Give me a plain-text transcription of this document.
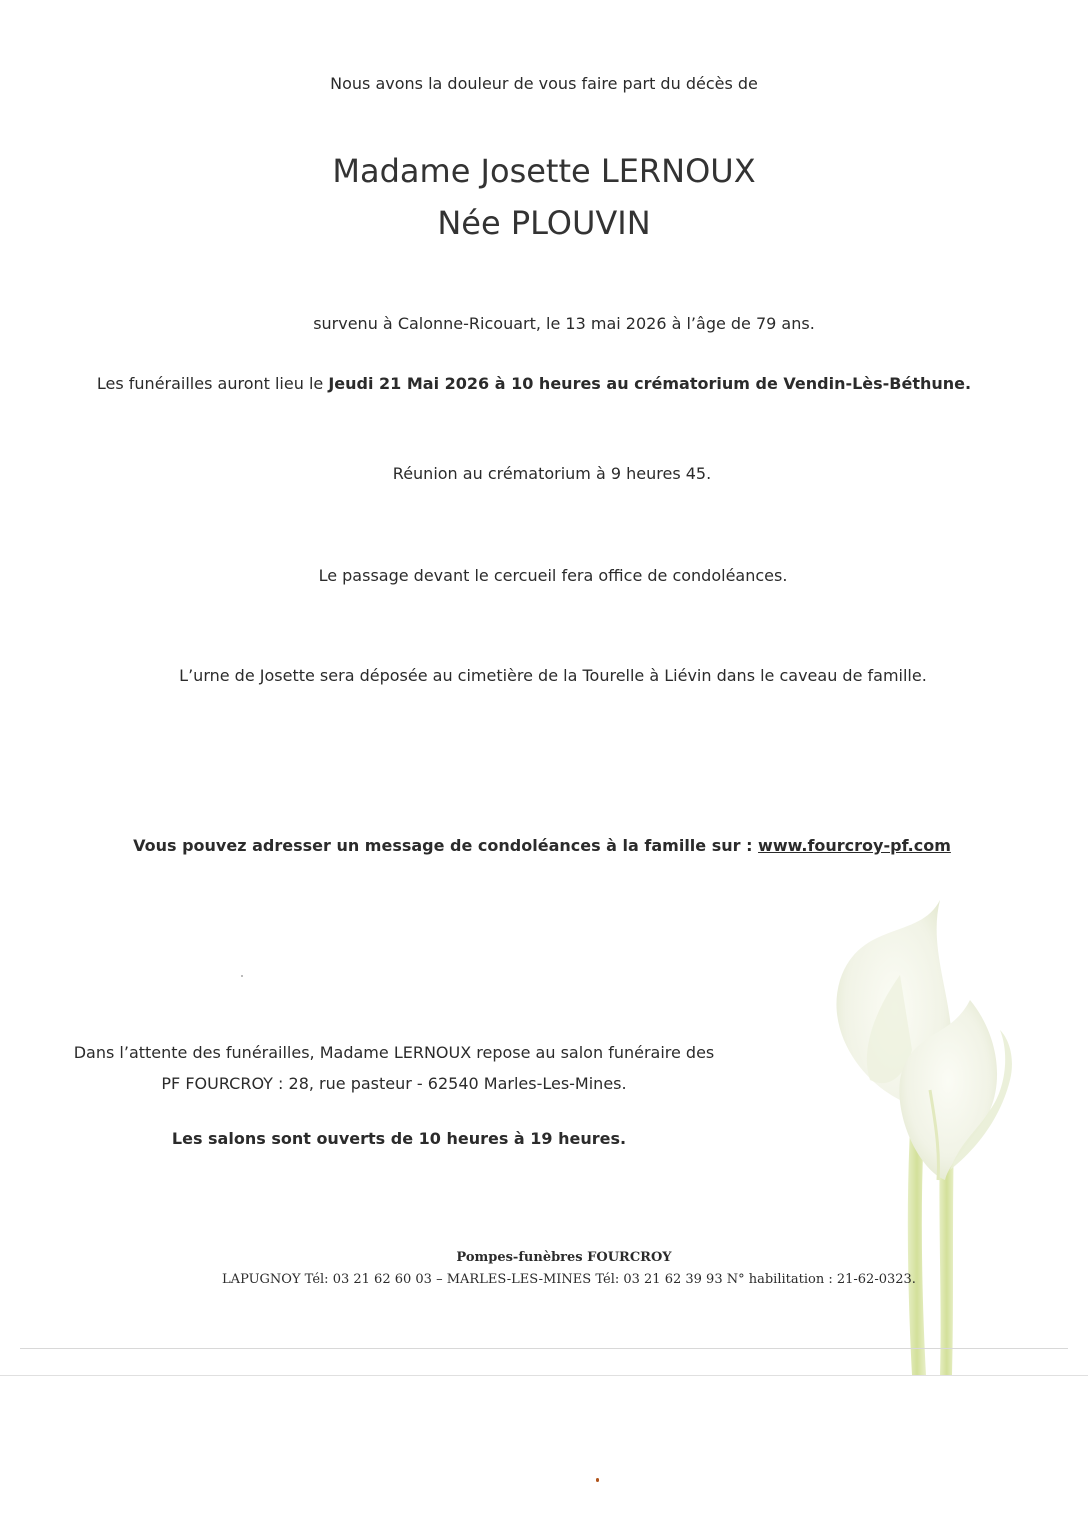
Nous avons la douleur de vous faire part du décès de
Madame Josette LERNOUX
Née PLOUVIN
survenu à Calonne-Ricouart, le 13 mai 2026 à l’âge de 79 ans.
Les funérailles auront lieu le Jeudi 21 Mai 2026 à 10 heures au crématorium de Vendin-Lès-Béthune.
Réunion au crématorium à 9 heures 45.
Le passage devant le cercueil fera office de condoléances.
L’urne de Josette sera déposée au cimetière de la Tourelle à Liévin dans le caveau de famille.
Vous pouvez adresser un message de condoléances à la famille sur : www.fourcroy-pf.com
Dans l’attente des funérailles, Madame LERNOUX repose au salon funéraire des
PF FOURCROY : 28, rue pasteur - 62540 Marles-Les-Mines.
Les salons sont ouverts de 10 heures à 19 heures.
Pompes-funèbres FOURCROY
LAPUGNOY Tél: 03 21 62 60 03 – MARLES-LES-MINES Tél: 03 21 62 39 93 N° habilitation : 21-62-0323.
